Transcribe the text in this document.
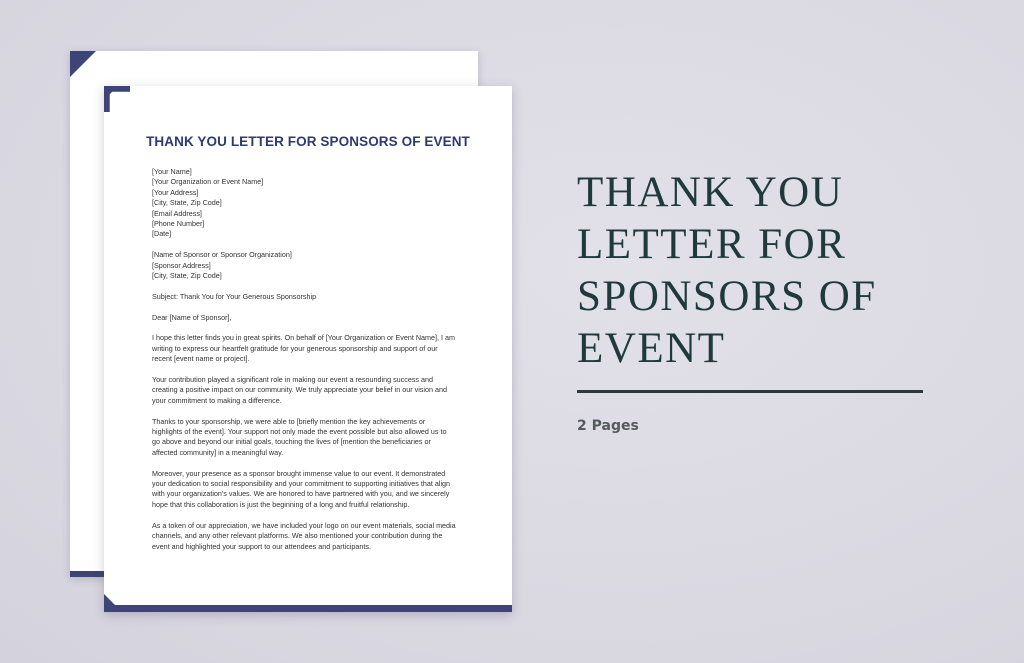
THANK YOU LETTER FOR SPONSORS OF EVENT

[Your Name]
[Your Organization or Event Name]
[Your Address]
[City, State, Zip Code]
[Email Address]
[Phone Number]
[Date]

[Name of Sponsor or Sponsor Organization]
[Sponsor Address]
[City, State, Zip Code]

Subject: Thank You for Your Generous Sponsorship

Dear [Name of Sponsor],

I hope this letter finds you in great spirits. On behalf of [Your Organization or Event Name], I am
writing to express our heartfelt gratitude for your generous sponsorship and support of our
recent [event name or project].

Your contribution played a significant role in making our event a resounding success and
creating a positive impact on our community. We truly appreciate your belief in our vision and
your commitment to making a difference.

Thanks to your sponsorship, we were able to [briefly mention the key achievements or
highlights of the event]. Your support not only made the event possible but also allowed us to
go above and beyond our initial goals, touching the lives of [mention the beneficiaries or
affected community] in a meaningful way.

Moreover, your presence as a sponsor brought immense value to our event. It demonstrated
your dedication to social responsibility and your commitment to supporting initiatives that align
with your organization's values. We are honored to have partnered with you, and we sincerely
hope that this collaboration is just the beginning of a long and fruitful relationship.

As a token of our appreciation, we have included your logo on our event materials, social media
channels, and any other relevant platforms. We also mentioned your contribution during the
event and highlighted your support to our attendees and participants.

THANK YOU
LETTER FOR
SPONSORS OF
EVENT
2 Pages
